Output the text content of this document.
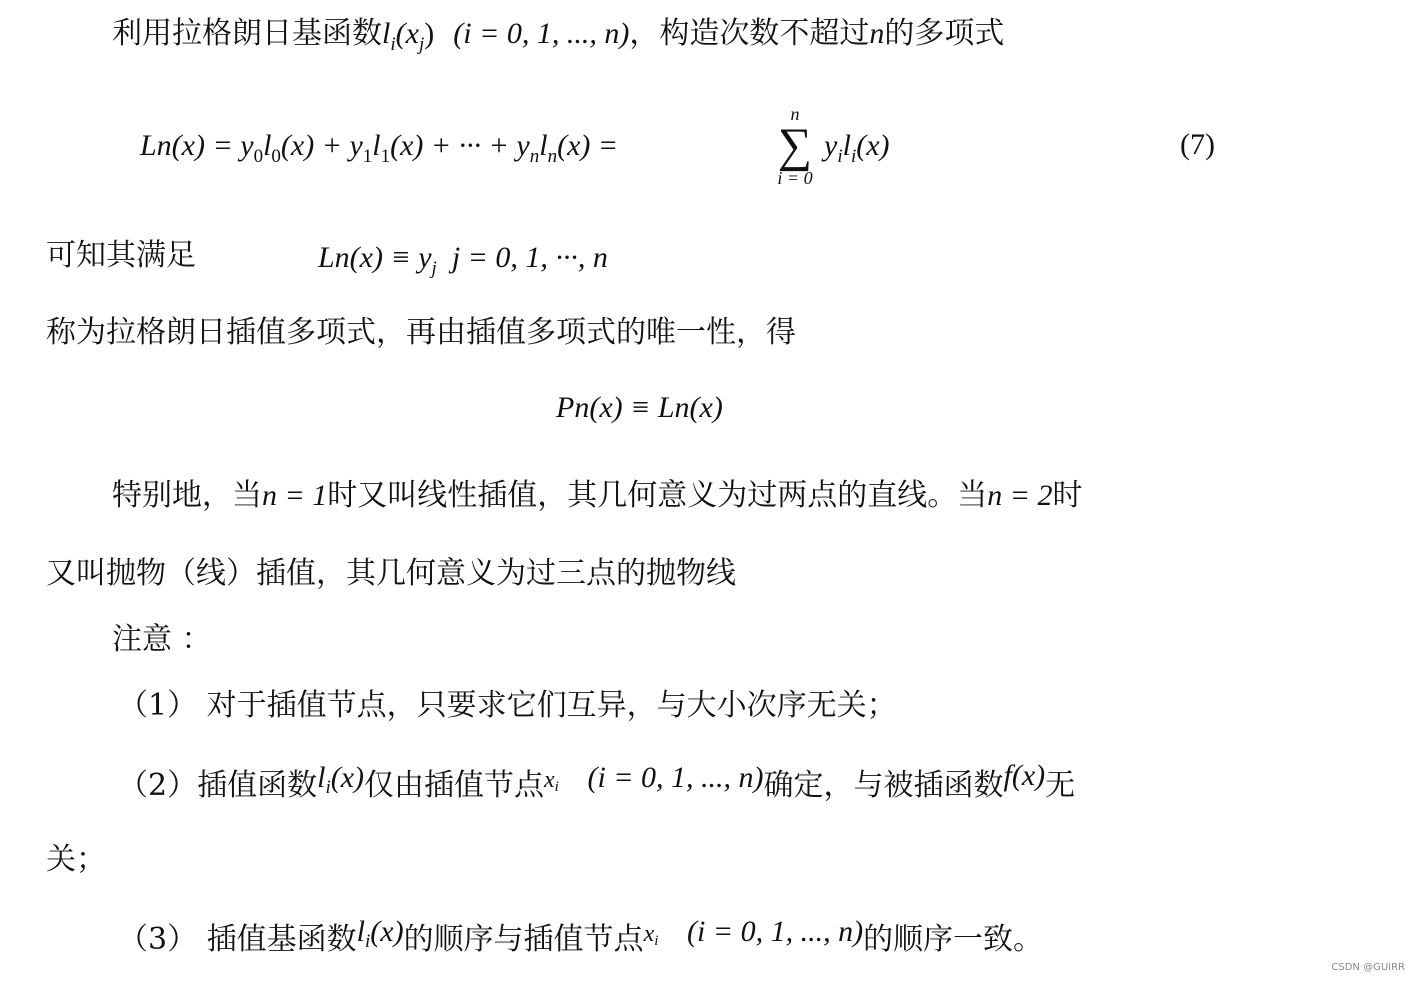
利用拉格朗日基函数$l_i(x_j) (i = 0$, 1, ..., n)，构造次数不超过n的多项式
$Ln(x) = y_0l_0(x) + y_1l_1(x)$ + ··· + $y_nl_n(x)$ =
n
∑
i = 0
$y_il_i(x)$	(7)
可知其满足	$Ln(x) \equiv y_j$ j = 0, 1, ···, n
称为拉格朗日插值多项式，再由插值多项式的唯一性，得
Pn(x) ≡ Ln(x)
特别地，当n = 1时又叫线性插值，其几何意义为过两点的直线。当n = 2时
又叫抛物（线）插值，其几何意义为过三点的抛物线
注意 ：
（1） 对于插值节点，只要求它们互异，与大小次序无关；
（2）插值函数li(x)仅由插值节点$^x$i (i = 0, 1, ..., n)确定，与被插函数f(x)无
关；
（3） 插值基函数li(x)的顺序与插值节点$^x$i (i = 0, 1, ..., n)的顺序一致。
CSDN @GUIRR
